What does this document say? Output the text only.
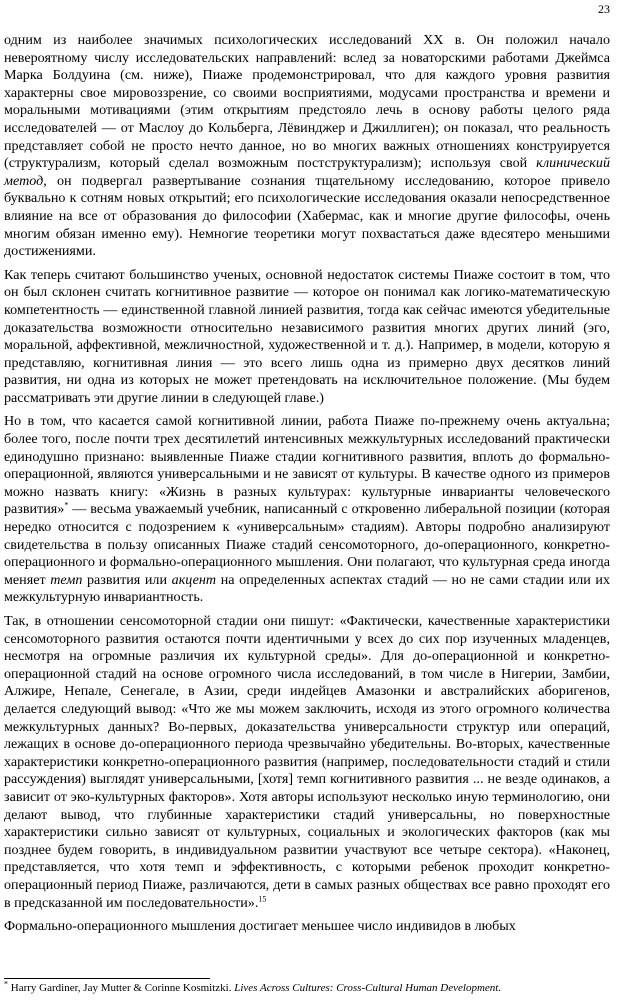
23

одним из наиболее значимых психологических исследований XX в. Он положил начало невероятному числу исследовательских направлений: вслед за новаторскими работами Джеймса Марка Болдуина (см. ниже), Пиаже продемонстрировал, что для каждого уровня развития характерны свое мировоззрение, со своими восприятиями, модусами пространства и времени и моральными мотивациями (этим открытиям предстояло лечь в основу работы целого ряда исследователей — от Маслоу до Кольберга, Лёвинджер и Джиллиген); он показал, что реальность представляет собой не просто нечто данное, но во многих важных отношениях конструируется (структурализм, который сделал возможным постструктурализм); используя свой клинический метод, он подвергал развертывание сознания тщательному исследованию, которое привело буквально к сотням новых открытий; его психологические исследования оказали непосредственное влияние на все от образования до философии (Хабермас, как и многие другие философы, очень многим обязан именно ему). Немногие теоретики могут похвастаться даже вдесятеро меньшими достижениями.

Как теперь считают большинство ученых, основной недостаток системы Пиаже состоит в том, что он был склонен считать когнитивное развитие — которое он понимал как логико-математическую компетентность — единственной главной линией развития, тогда как сейчас имеются убедительные доказательства возможности относительно независимого развития многих других линий (эго, моральной, аффективной, межличностной, художественной и т. д.). Например, в модели, которую я представляю, когнитивная линия — это всего лишь одна из примерно двух десятков линий развития, ни одна из которых не может претендовать на исключительное положение. (Мы будем рассматривать эти другие линии в следующей главе.)

Но в том, что касается самой когнитивной линии, работа Пиаже по-прежнему очень актуальна; более того, после почти трех десятилетий интенсивных межкультурных исследований практически единодушно признано: выявленные Пиаже стадии когнитивного развития, вплоть до формально-операционной, являются универсальными и не зависят от культуры. В качестве одного из примеров можно назвать книгу: «Жизнь в разных культурах: культурные инварианты человеческого развития»* — весьма уважаемый учебник, написанный с откровенно либеральной позиции (которая нередко относится с подозрением к «универсальным» стадиям). Авторы подробно анализируют свидетельства в пользу описанных Пиаже стадий сенсомоторного, до-операционного, конкретно-операционного и формально-операционного мышления. Они полагают, что культурная среда иногда меняет темп развития или акцент на определенных аспектах стадий — но не сами стадии или их межкультурную инвариантность.

Так, в отношении сенсомоторной стадии они пишут: «Фактически, качественные характеристики сенсомоторного развития остаются почти идентичными у всех до сих пор изученных младенцев, несмотря на огромные различия их культурной среды». Для до-операционной и конкретно-операционной стадий на основе огромного числа исследований, в том числе в Нигерии, Замбии, Алжире, Непале, Сенегале, в Азии, среди индейцев Амазонки и австралийских аборигенов, делается следующий вывод: «Что же мы можем заключить, исходя из этого огромного количества межкультурных данных? Во-первых, доказательства универсальности структур или операций, лежащих в основе до-операционного периода чрезвычайно убедительны. Во-вторых, качественные характеристики конкретно-операционного развития (например, последовательности стадий и стили рассуждения) выглядят универсальными, [хотя] темп когнитивного развития ... не везде одинаков, а зависит от эко-культурных факторов». Хотя авторы используют несколько иную терминологию, они делают вывод, что глубинные характеристики стадий универсальны, но поверхностные характеристики сильно зависят от культурных, социальных и экологических факторов (как мы позднее будем говорить, в индивидуальном развитии участвуют все четыре сектора). «Наконец, представляется, что хотя темп и эффективность, с которыми ребенок проходит конкретно-операционный период Пиаже, различаются, дети в самых разных обществах все равно проходят его в предсказанной им последовательности».$^{15}$

Формально-операционного мышления достигает меньшее число индивидов в любых

* Harry Gardiner, Jay Mutter & Corinne Kosmitzki. Lives Across Cultures: Cross-Cultural Human Development.
